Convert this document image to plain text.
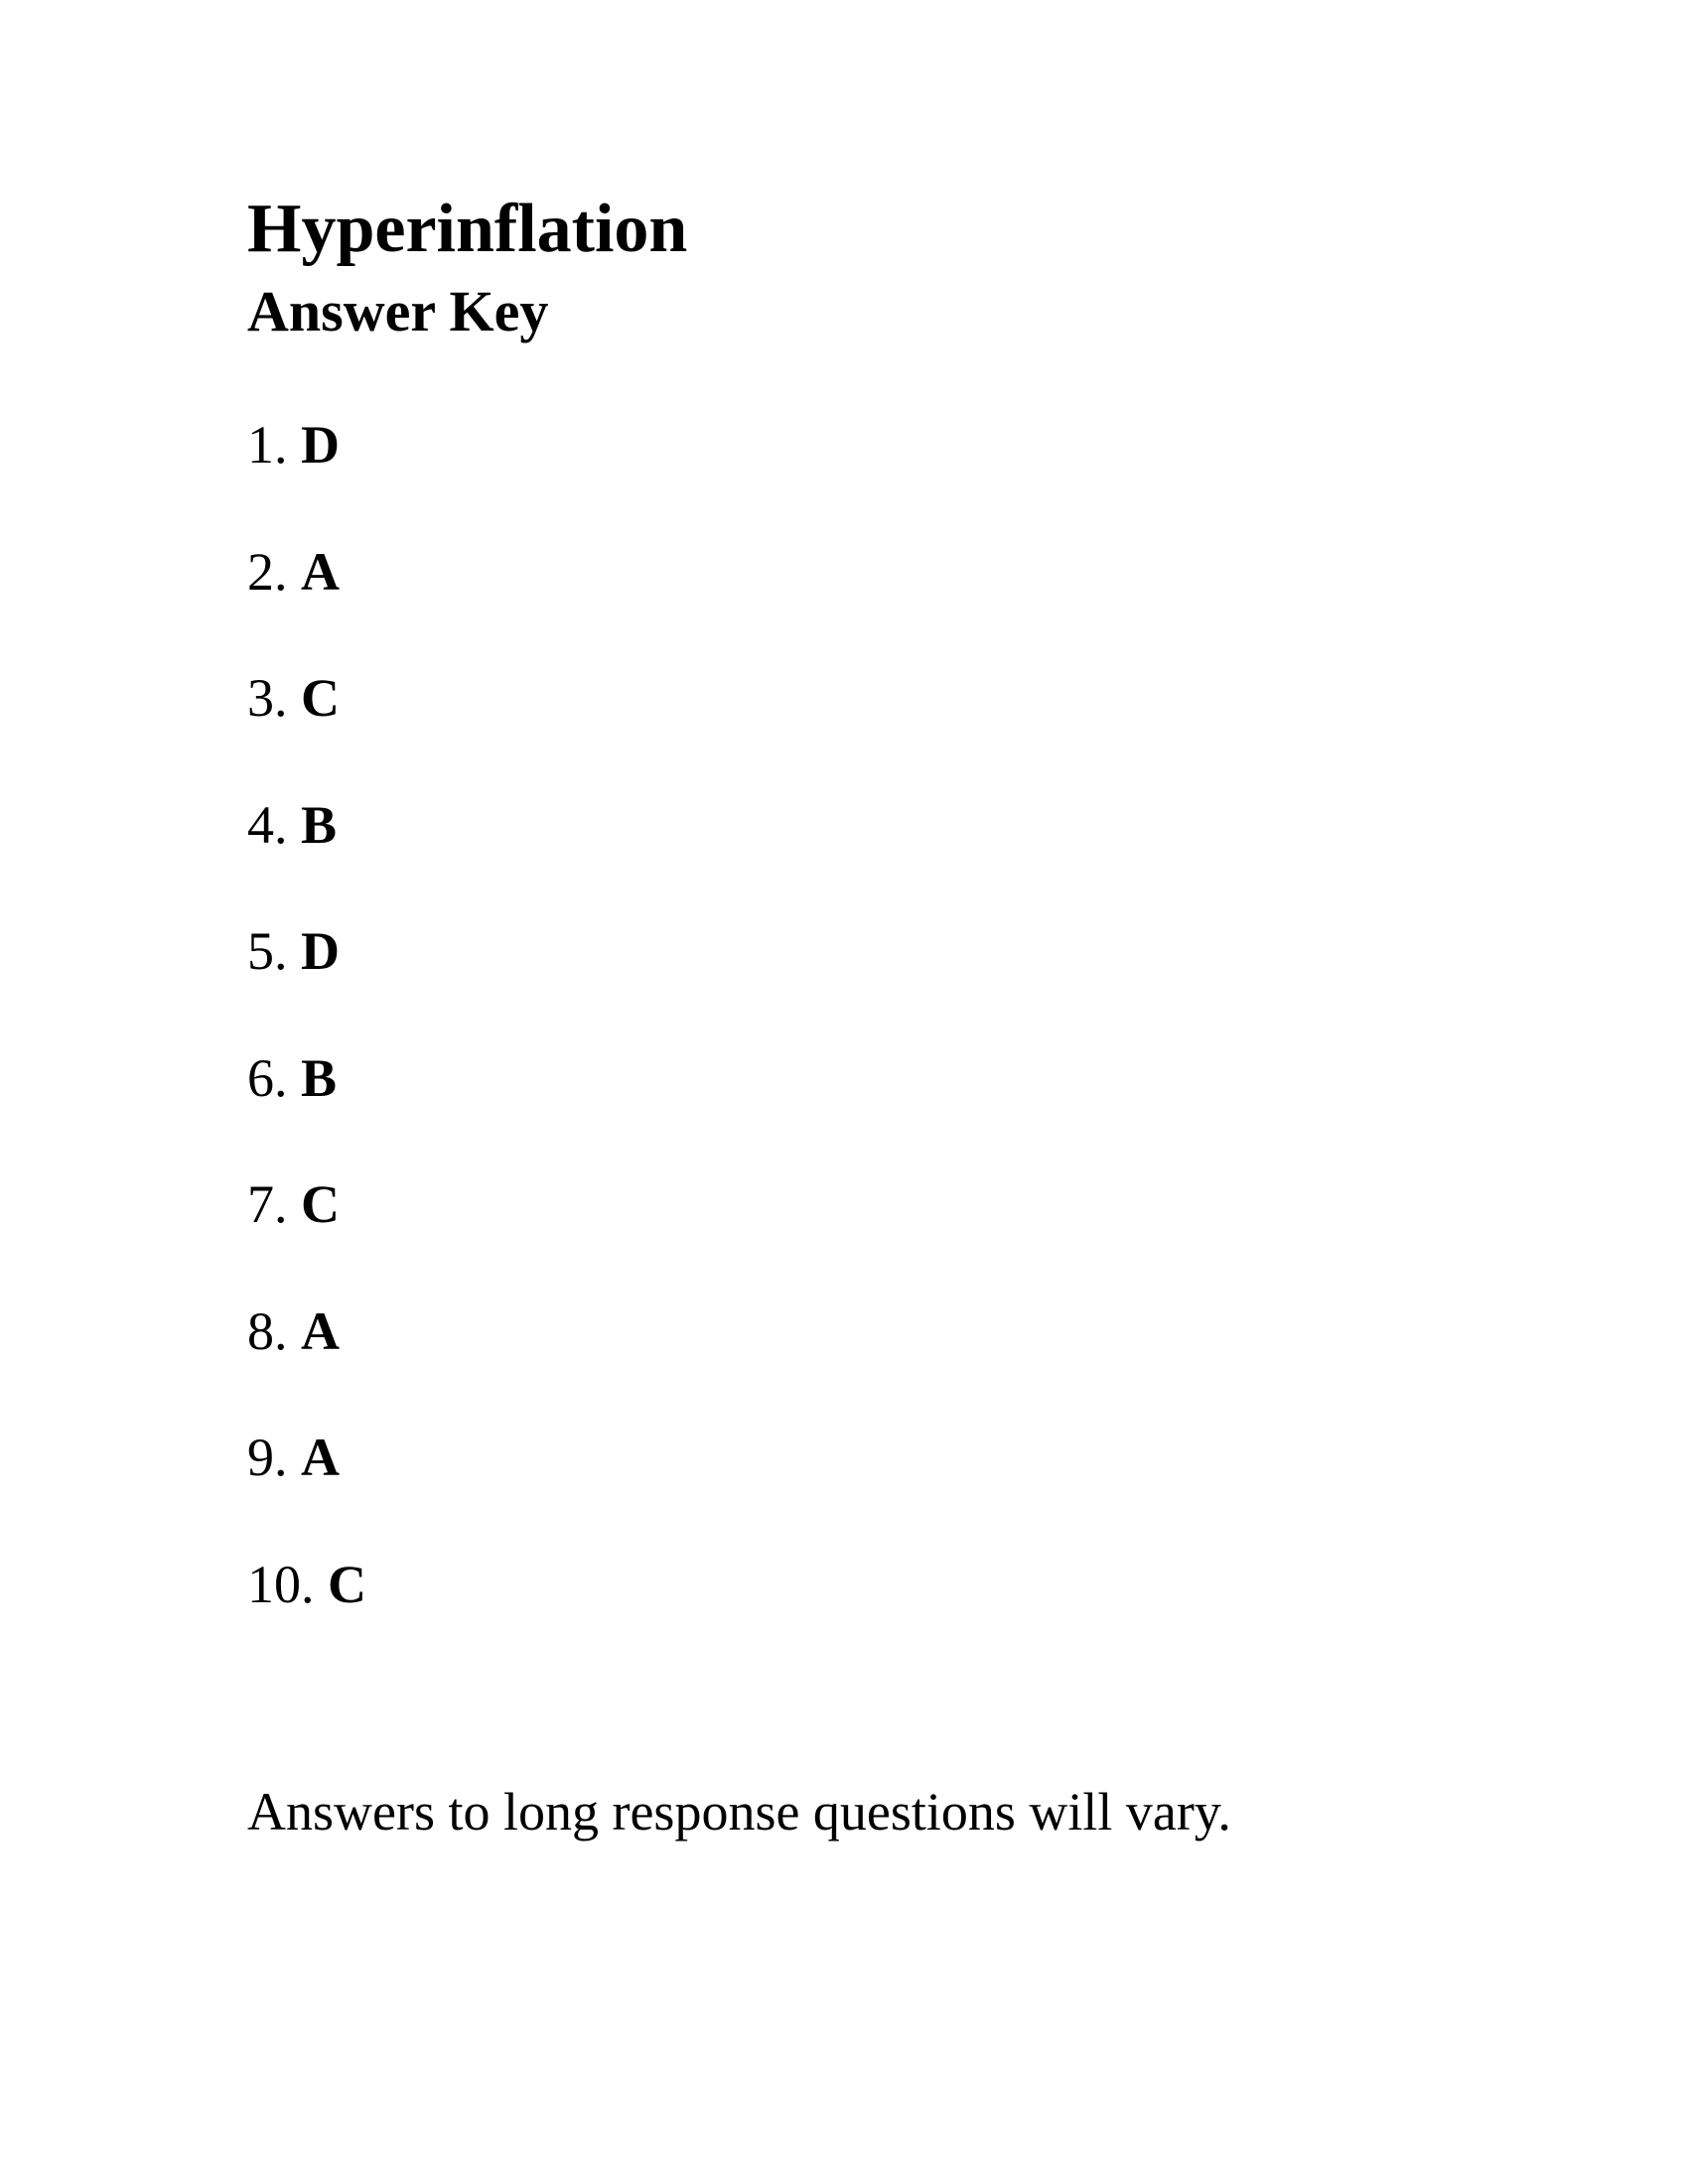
Hyperinflation
Answer Key
1. D
2. A
3. C
4. B
5. D
6. B
7. C
8. A
9. A
10. C

Answers to long response questions will vary.
